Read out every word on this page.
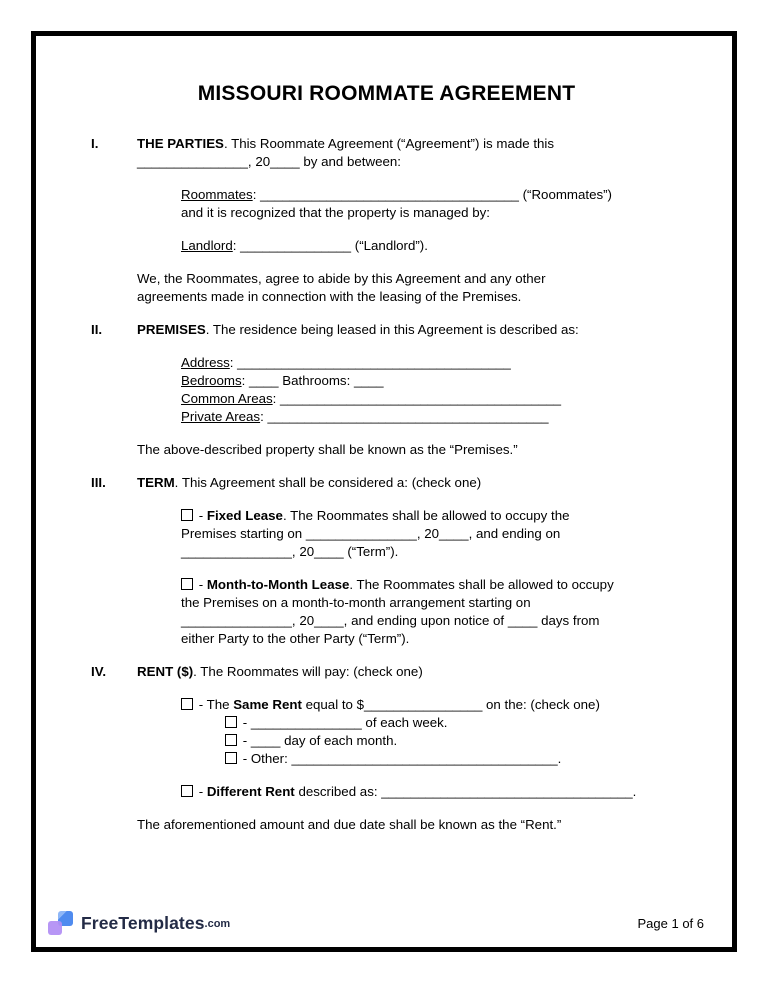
MISSOURI ROOMMATE AGREEMENT
I.	THE PARTIES. This Roommate Agreement (“Agreement”) is made this
_______________, 20____ by and between:
Roommates: ___________________________________ (“Roommates”)
and it is recognized that the property is managed by:
Landlord: _______________ (“Landlord”).
We, the Roommates, agree to abide by this Agreement and any other
agreements made in connection with the leasing of the Premises.
II.	PREMISES. The residence being leased in this Agreement is described as:
Address: _____________________________________
Bedrooms: ____ Bathrooms: ____
Common Areas: ______________________________________
Private Areas: ______________________________________
The above-described property shall be known as the “Premises.”
III.	TERM. This Agreement shall be considered a: (check one)
- Fixed Lease. The Roommates shall be allowed to occupy the
Premises starting on _______________, 20____, and ending on
_______________, 20____ (“Term”).
- Month-to-Month Lease. The Roommates shall be allowed to occupy
the Premises on a month-to-month arrangement starting on
_______________, 20____, and ending upon notice of ____ days from
either Party to the other Party (“Term”).
IV.	RENT ($). The Roommates will pay: (check one)
- The Same Rent equal to $________________ on the: (check one)
- _______________ of each week.
- ____ day of each month.
- Other: ____________________________________.
- Different Rent described as: __________________________________.
The aforementioned amount and due date shall be known as the “Rent.”
FreeTemplates .com	Page 1 of 6
